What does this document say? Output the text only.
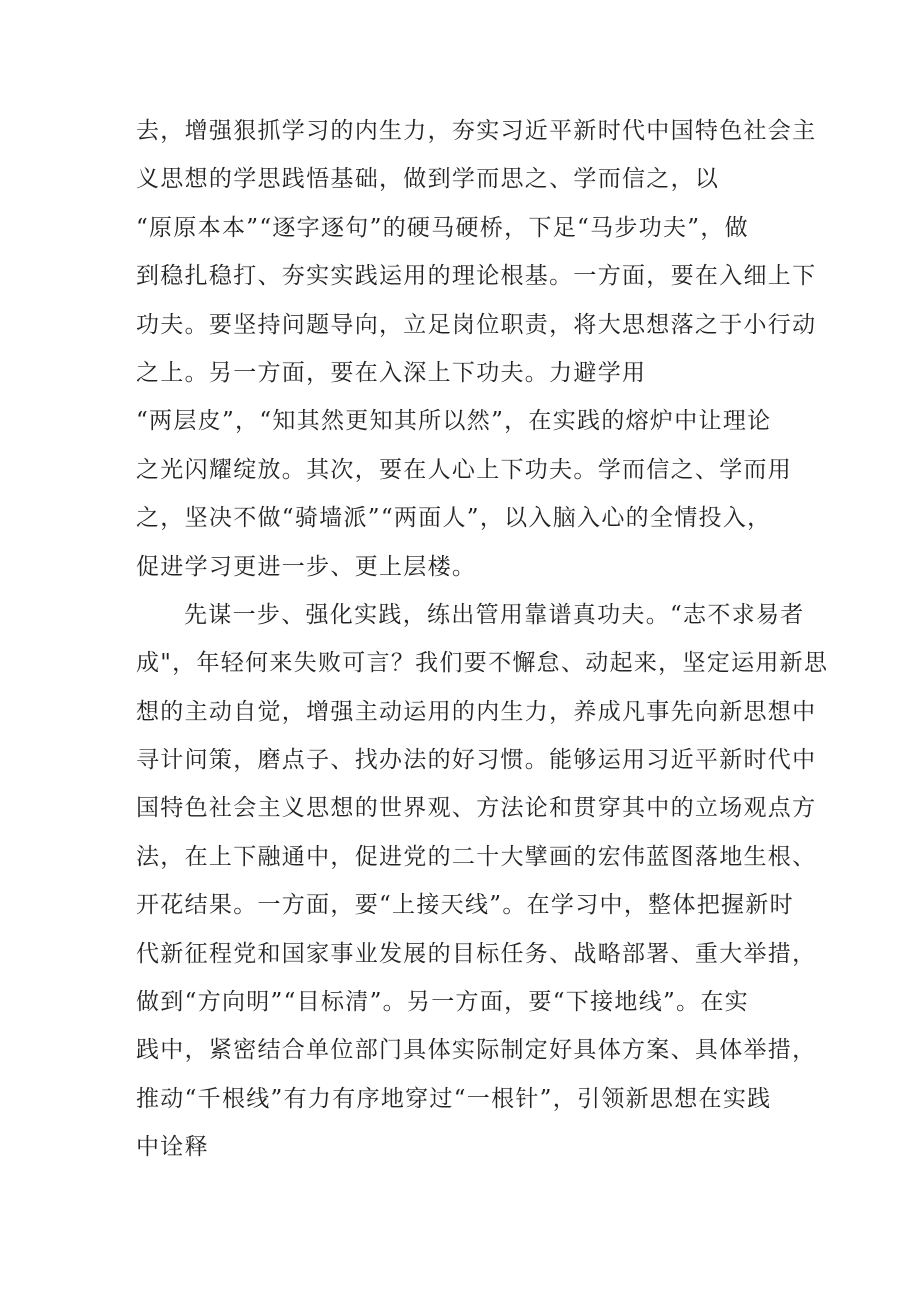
去，增强狠抓学习的内生力，夯实习近平新时代中国特色社会主
义思想的学思践悟基础，做到学而思之、学而信之，以
“原原本本”“逐字逐句”的硬马硬桥，下足“马步功夫”，做
到稳扎稳打、夯实实践运用的理论根基。一方面，要在入细上下
功夫。要坚持问题导向，立足岗位职责，将大思想落之于小行动
之上。另一方面，要在入深上下功夫。力避学用
“两层皮”，“知其然更知其所以然”，在实践的熔炉中让理论
之光闪耀绽放。其次，要在人心上下功夫。学而信之、学而用
之，坚决不做“骑墙派”“两面人”，以入脑入心的全情投入，
促进学习更进一步、更上层楼。
先谋一步、强化实践，练出管用靠谱真功夫。“志不求易者
成"，年轻何来失败可言？我们要不懈怠、动起来，坚定运用新思
想的主动自觉，增强主动运用的内生力，养成凡事先向新思想中
寻计问策，磨点子、找办法的好习惯。能够运用习近平新时代中
国特色社会主义思想的世界观、方法论和贯穿其中的立场观点方
法，在上下融通中，促进党的二十大擘画的宏伟蓝图落地生根、
开花结果。一方面，要“上接天线”。在学习中，整体把握新时
代新征程党和国家事业发展的目标任务、战略部署、重大举措，
做到“方向明”“目标清”。另一方面，要“下接地线”。在实
践中，紧密结合单位部门具体实际制定好具体方案、具体举措，
推动“千根线”有力有序地穿过“一根针”，引领新思想在实践
中诠释
